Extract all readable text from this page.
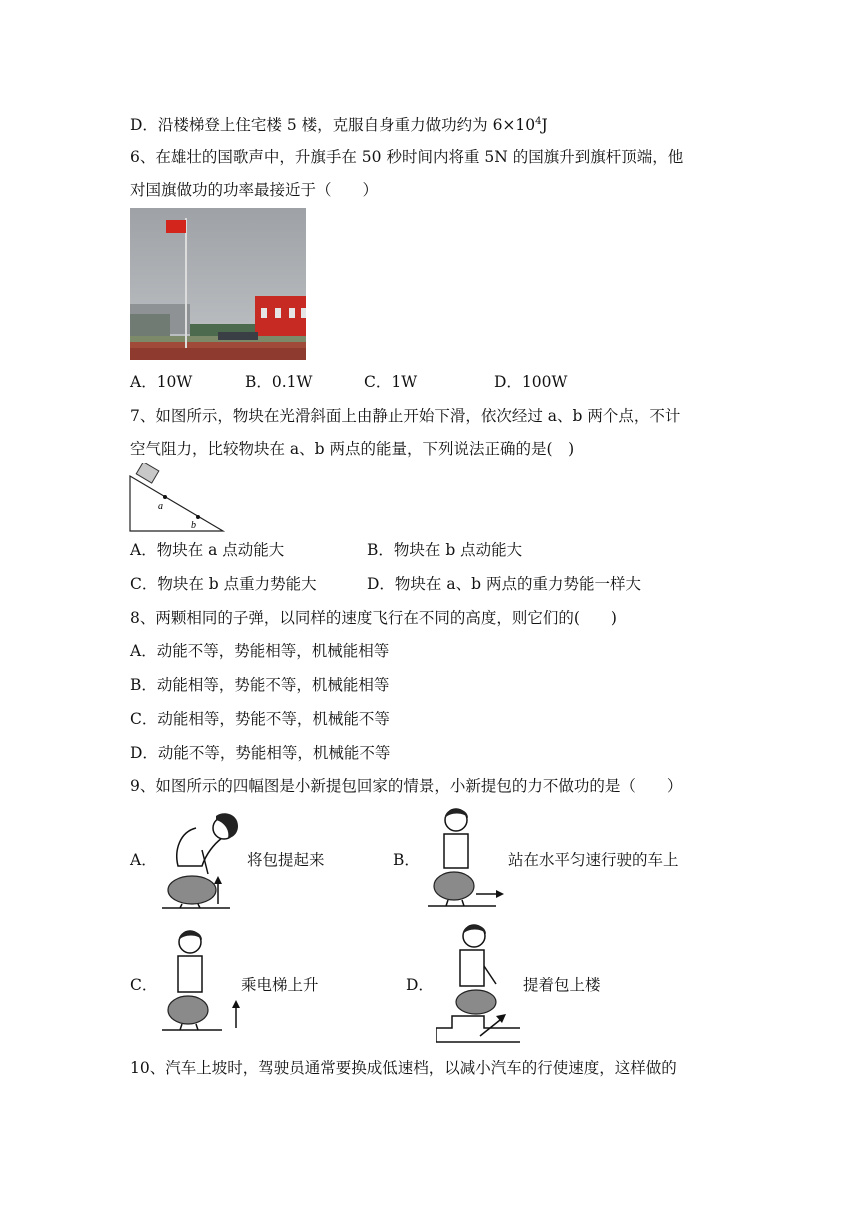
D．沿楼梯登上住宅楼 5 楼，克服自身重力做功约为 $6\times 10^4J$
6、在雄壮的国歌声中，升旗手在 50 秒时间内将重 5N 的国旗升到旗杆顶端，他
对国旗做功的功率最接近于（　　）
A．10W	B．0.1W	C．1W	D．100W
7、如图所示，物块在光滑斜面上由静止开始下滑，依次经过 a、b 两个点，不计
空气阻力，比较物块在 a、b 两点的能量，下列说法正确的是(　)
a
b
A．物块在 a 点动能大	B．物块在 b 点动能大
C．物块在 b 点重力势能大	D．物块在 a、b 两点的重力势能一样大
8、两颗相同的子弹，以同样的速度飞行在不同的高度，则它们的(　　)
A．动能不等，势能相等，机械能相等
B．动能相等，势能不等，机械能相等
C．动能相等，势能不等，机械能不等
D．动能不等，势能相等，机械能不等
9、如图所示的四幅图是小新提包回家的情景，小新提包的力不做功的是（　　）
A．	将包提起来	B．	站在水平匀速行驶的车上
C．	乘电梯上升	D．	提着包上楼
10、汽车上坡时，驾驶员通常要换成低速档，以减小汽车的行使速度，这样做的
